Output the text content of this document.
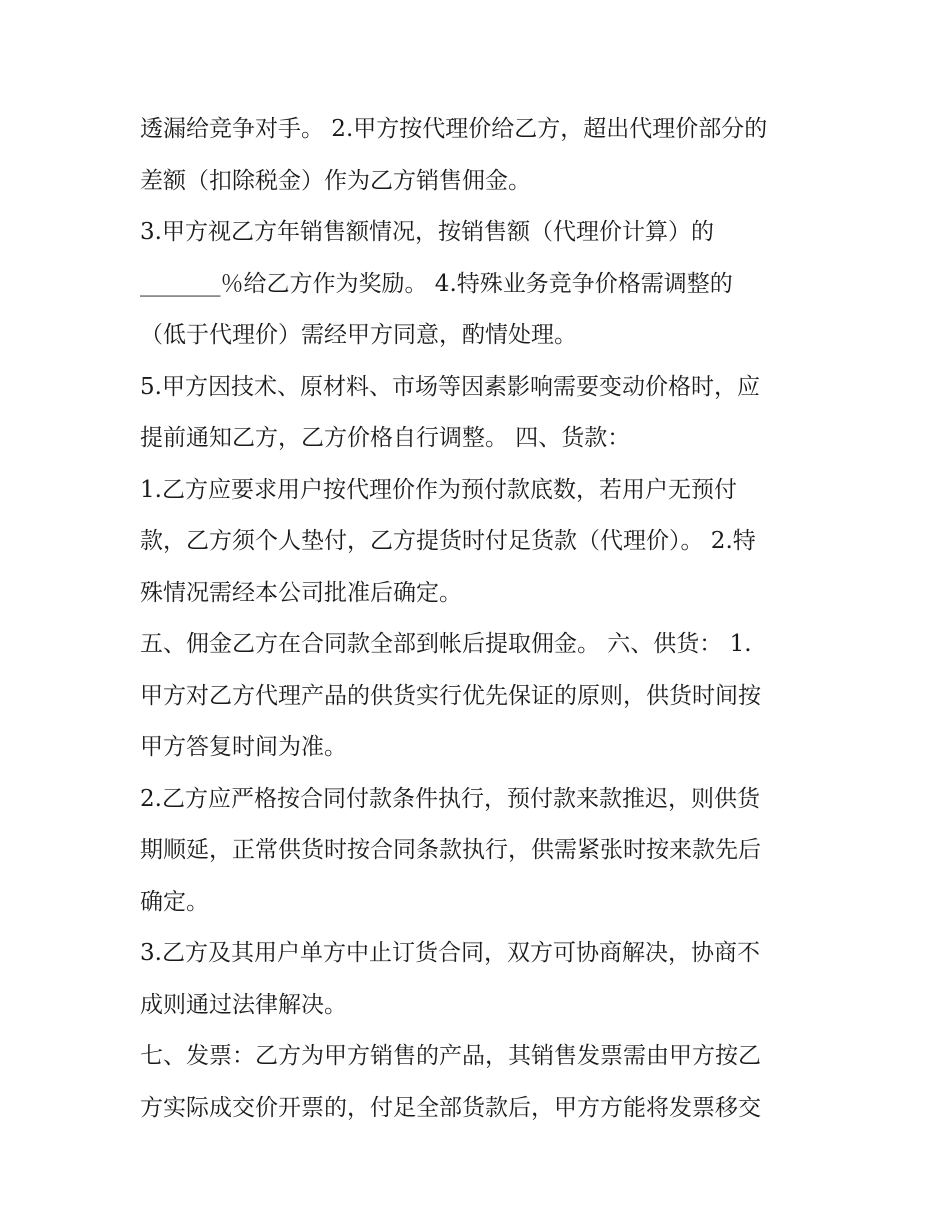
透漏给竞争对手。 2.甲方按代理价给乙方，超出代理价部分的
差额（扣除税金）作为乙方销售佣金。
3.甲方视乙方年销售额情况，按销售额（代理价计算）的
_______％给乙方作为奖励。 4.特殊业务竞争价格需调整的
（低于代理价）需经甲方同意，酌情处理。
5.甲方因技术、原材料、市场等因素影响需要变动价格时，应
提前通知乙方，乙方价格自行调整。 四、货款：
1.乙方应要求用户按代理价作为预付款底数，若用户无预付
款，乙方须个人垫付，乙方提货时付足货款（代理价）。 2.特
殊情况需经本公司批准后确定。
五、佣金乙方在合同款全部到帐后提取佣金。 六、供货： 1.
甲方对乙方代理产品的供货实行优先保证的原则，供货时间按
甲方答复时间为准。
2.乙方应严格按合同付款条件执行，预付款来款推迟，则供货
期顺延，正常供货时按合同条款执行，供需紧张时按来款先后
确定。
3.乙方及其用户单方中止订货合同，双方可协商解决，协商不
成则通过法律解决。
七、发票：乙方为甲方销售的产品，其销售发票需由甲方按乙
方实际成交价开票的，付足全部货款后，甲方方能将发票移交
